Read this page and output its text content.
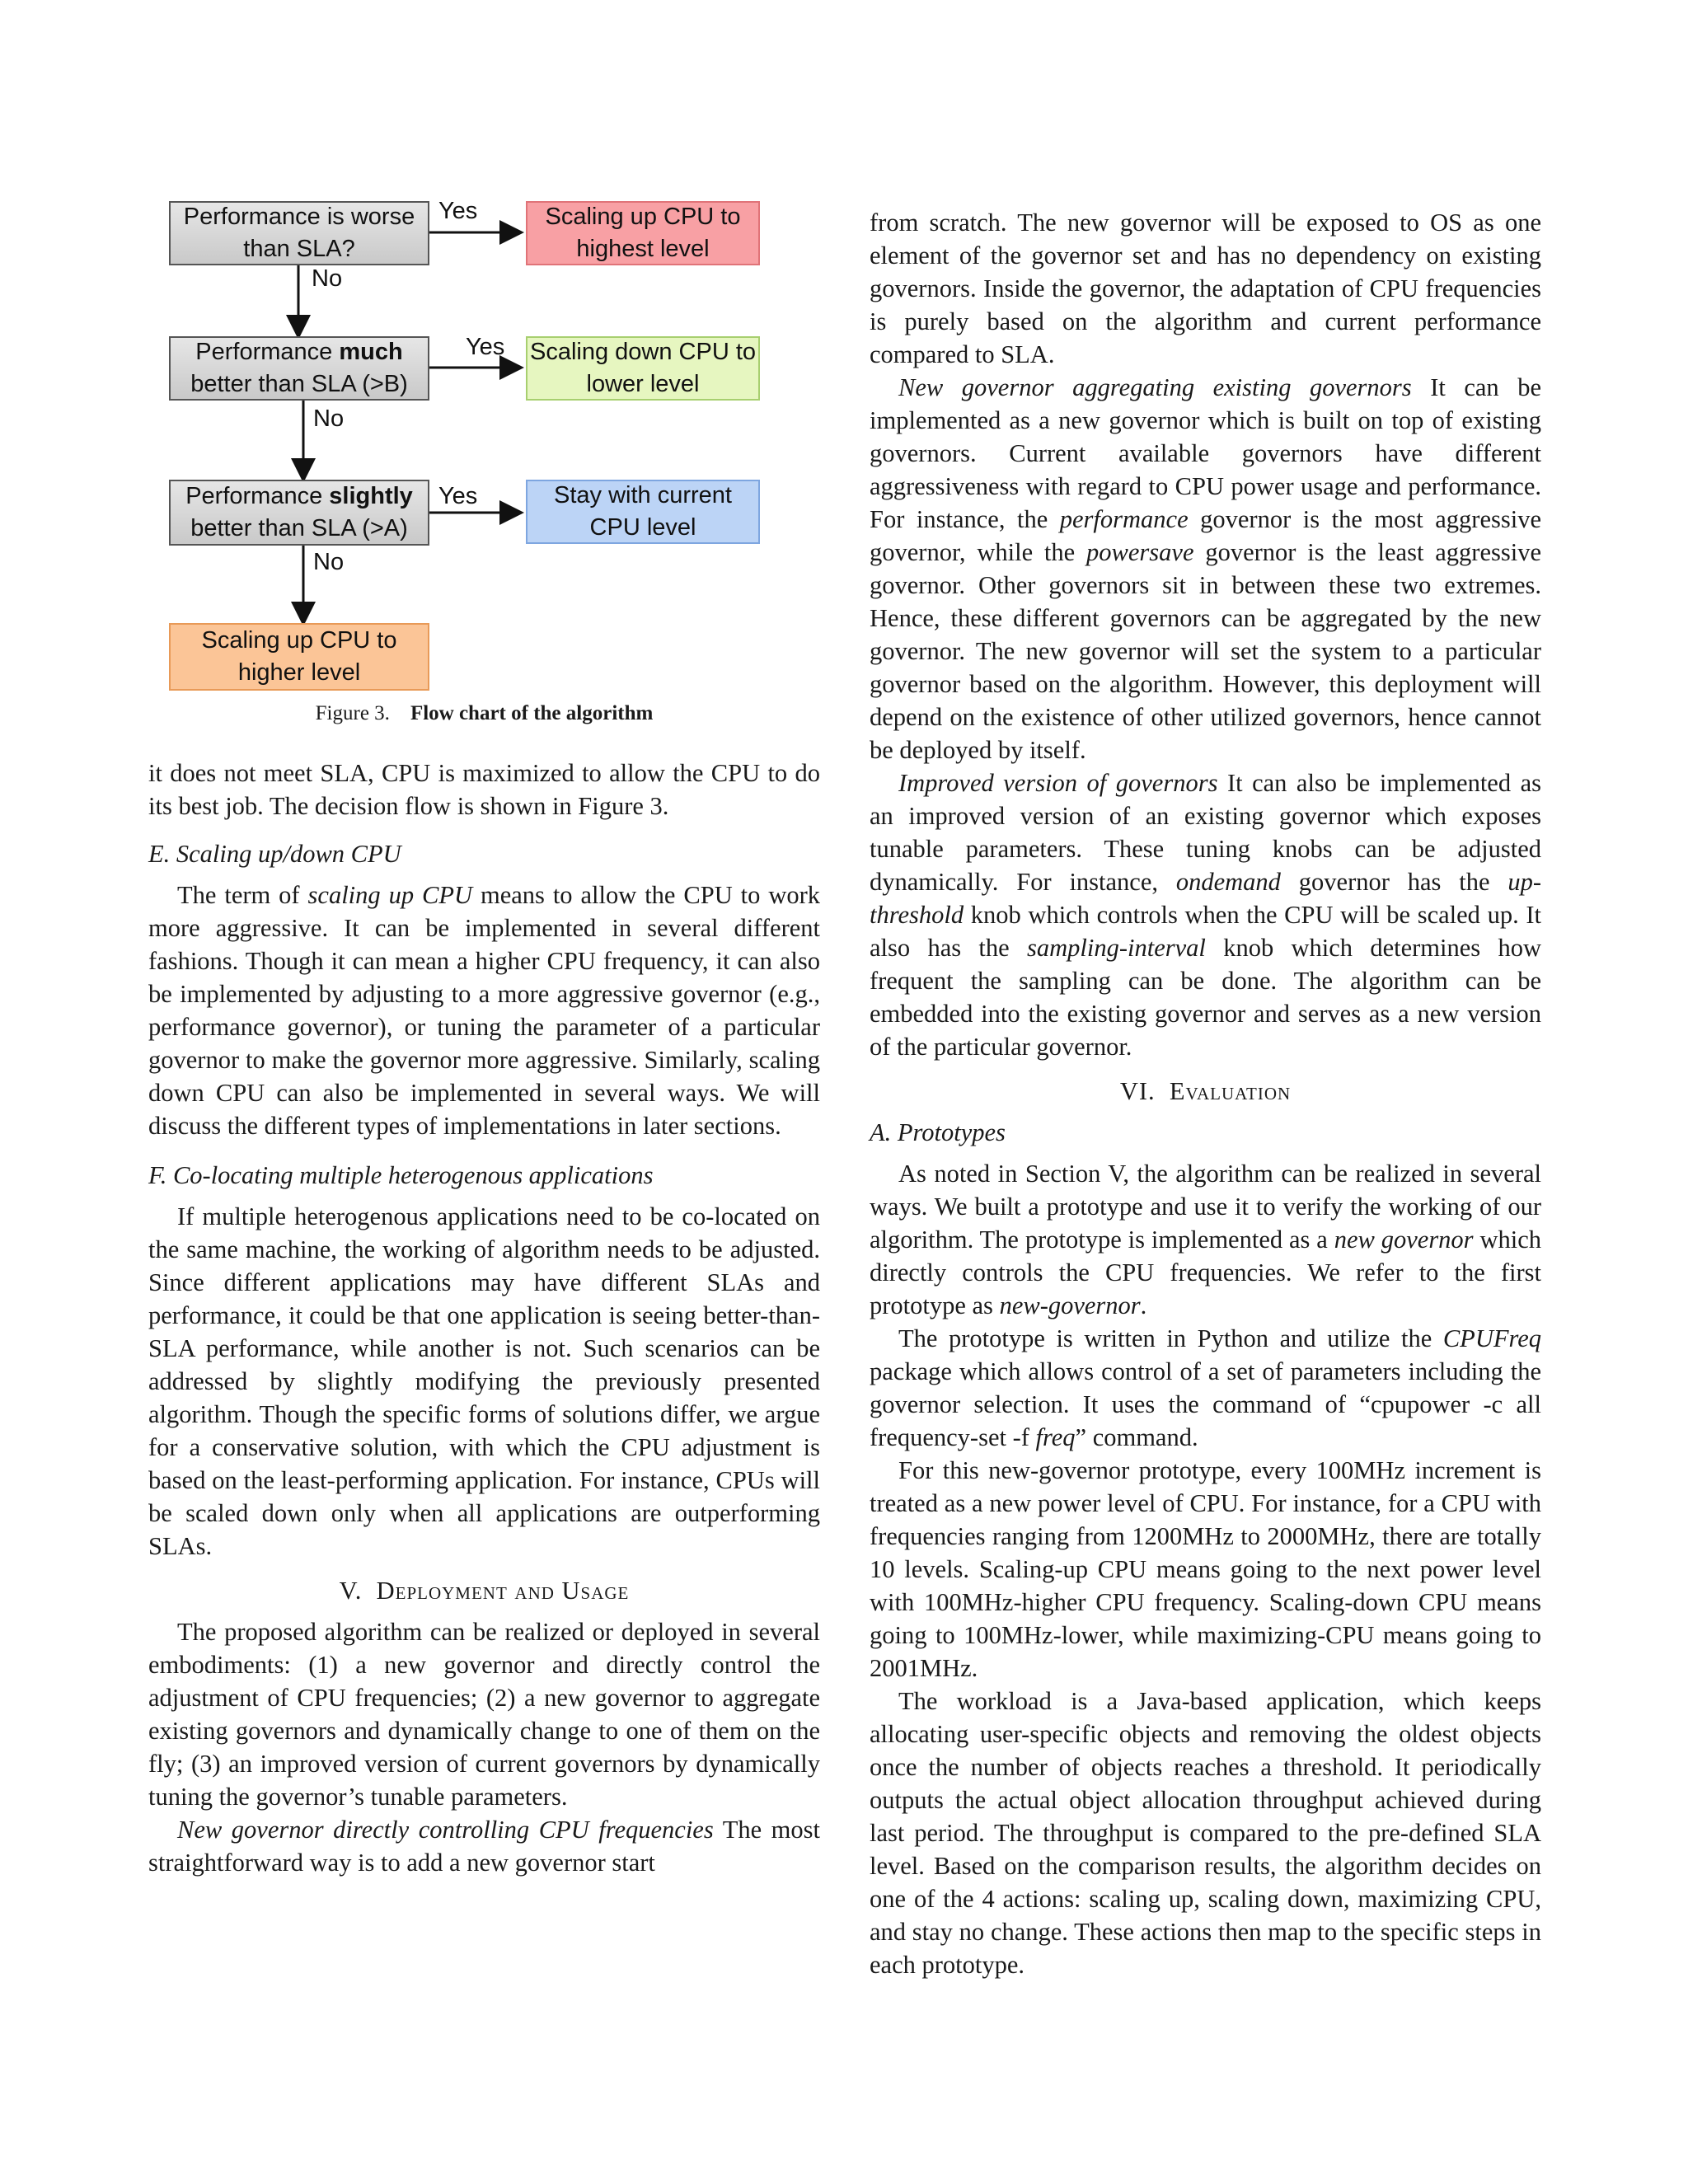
Performance is worse than SLA?
Performance much better than SLA (>B)
Performance slightly better than SLA (>A)
Scaling up CPU to highest level
Scaling down CPU to lower level
Stay with current CPU level
Scaling up CPU to higher level
Yes
Yes
Yes
No
No
No
Figure 3. Flow chart of the algorithm

it does not meet SLA, CPU is maximized to allow the CPU to do its best job. The decision flow is shown in Figure 3.

E. Scaling up/down CPU

The term of scaling up CPU means to allow the CPU to work more aggressive. It can be implemented in several different fashions. Though it can mean a higher CPU frequency, it can also be implemented by adjusting to a more aggressive governor (e.g., performance governor), or tuning the parameter of a particular governor to make the governor more aggressive. Similarly, scaling down CPU can also be implemented in several ways. We will discuss the different types of implementations in later sections.

F. Co-locating multiple heterogenous applications

If multiple heterogenous applications need to be co-located on the same machine, the working of algorithm needs to be adjusted. Since different applications may have different SLAs and performance, it could be that one application is seeing better-than-SLA performance, while another is not. Such scenarios can be addressed by slightly modifying the previously presented algorithm. Though the specific forms of solutions differ, we argue for a conservative solution, with which the CPU adjustment is based on the least-performing application. For instance, CPUs will be scaled down only when all applications are outperforming SLAs.

V. Deployment and Usage

The proposed algorithm can be realized or deployed in several embodiments: (1) a new governor and directly control the adjustment of CPU frequencies; (2) a new governor to aggregate existing governors and dynamically change to one of them on the fly; (3) an improved version of current governors by dynamically tuning the governor’s tunable parameters.

New governor directly controlling CPU frequencies The most straightforward way is to add a new governor start

from scratch. The new governor will be exposed to OS as one element of the governor set and has no dependency on existing governors. Inside the governor, the adaptation of CPU frequencies is purely based on the algorithm and current performance compared to SLA.

New governor aggregating existing governors It can be implemented as a new governor which is built on top of existing governors. Current available governors have different aggressiveness with regard to CPU power usage and performance. For instance, the performance governor is the most aggressive governor, while the powersave governor is the least aggressive governor. Other governors sit in between these two extremes. Hence, these different governors can be aggregated by the new governor. The new governor will set the system to a particular governor based on the algorithm. However, this deployment will depend on the existence of other utilized governors, hence cannot be deployed by itself.

Improved version of governors It can also be implemented as an improved version of an existing governor which exposes tunable parameters. These tuning knobs can be adjusted dynamically. For instance, ondemand governor has the up-threshold knob which controls when the CPU will be scaled up. It also has the sampling-interval knob which determines how frequent the sampling can be done. The algorithm can be embedded into the existing governor and serves as a new version of the particular governor.

VI. Evaluation
A. Prototypes

As noted in Section V, the algorithm can be realized in several ways. We built a prototype and use it to verify the working of our algorithm. The prototype is implemented as a new governor which directly controls the CPU frequencies. We refer to the first prototype as new-governor.

The prototype is written in Python and utilize the CPUFreq package which allows control of a set of parameters including the governor selection. It uses the command of “cpupower -c all frequency-set -f freq” command.

For this new-governor prototype, every 100MHz increment is treated as a new power level of CPU. For instance, for a CPU with frequencies ranging from 1200MHz to 2000MHz, there are totally 10 levels. Scaling-up CPU means going to the next power level with 100MHz-higher CPU frequency. Scaling-down CPU means going to 100MHz-lower, while maximizing-CPU means going to 2001MHz.

The workload is a Java-based application, which keeps allocating user-specific objects and removing the oldest objects once the number of objects reaches a threshold. It periodically outputs the actual object allocation throughput achieved during last period. The throughput is compared to the pre-defined SLA level. Based on the comparison results, the algorithm decides on one of the 4 actions: scaling up, scaling down, maximizing CPU, and stay no change. These actions then map to the specific steps in each prototype.
